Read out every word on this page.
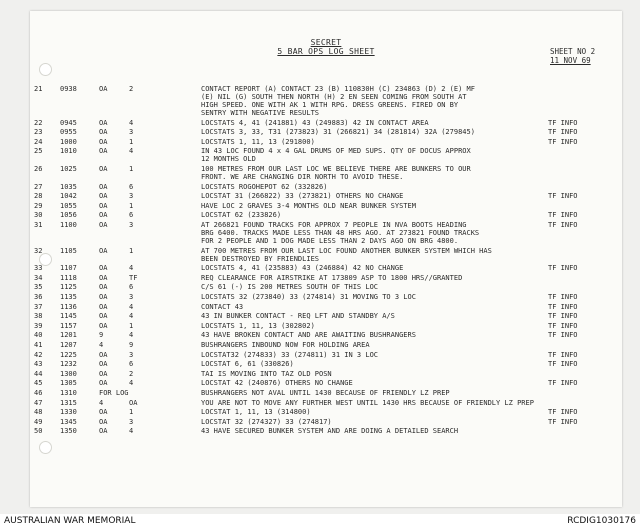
SECRET
5 BAR OPS LOG SHEET	SHEET NO 2
11 NOV 69
21	0938	OA	2	CONTACT REPORT (A) CONTACT 23 (B) 110830H (C) 234863 (D) 2 (E) MF
(E) NIL (G) SOUTH THEN NORTH (H) 2 EN SEEN COMING FROM SOUTH AT
HIGH SPEED. ONE WITH AK 1 WITH RPG. DRESS GREENS. FIRED ON BY
SENTRY WITH NEGATIVE RESULTS
22	0945	OA	4	LOCSTATS 4, 41 (241881) 43 (249883) 42 IN CONTACT AREA	TF INFO
23	0955	OA	3	LOCSTATS 3, 33, T31 (273823) 31 (266821) 34 (281814) 32A (279845)	TF INFO
24	1000	OA	1	LOCSTATS 1, 11, 13 (291800)	TF INFO
25	1010	OA	4	IN 43 LOC FOUND 4 x 4 GAL DRUMS OF MED SUPS. QTY OF DOCUS APPROX
12 MONTHS OLD
26	1025	OA	1	100 METRES FROM OUR LAST LOC WE BELIEVE THERE ARE BUNKERS TO OUR
FRONT. WE ARE CHANGING DIR NORTH TO AVOID THESE.
27	1035	OA	6	LOCSTATS ROGOHEPOT 62 (332826)
28	1042	OA	3	LOCSTAT 31 (266822) 33 (273821) OTHERS NO CHANGE	TF INFO
29	1055	OA	1	HAVE LOC 2 GRAVES 3-4 MONTHS OLD NEAR BUNKER SYSTEM
30	1056	OA	6	LOCSTAT 62 (233826)	TF INFO
31	1100	OA	3	AT 266821 FOUND TRACKS FOR APPROX 7 PEOPLE IN NVA BOOTS HEADING
BRG 6400. TRACKS MADE LESS THAN 48 HRS AGO. AT 273821 FOUND TRACKS
FOR 2 PEOPLE AND 1 DOG MADE LESS THAN 2 DAYS AGO ON BRG 4800.
TF INFO
32	1105	OA	1	AT 700 METRES FROM OUR LAST LOC FOUND ANOTHER BUNKER SYSTEM WHICH HAS
BEEN DESTROYED BY FRIENDLIES
33	1107	OA	4	LOCSTATS 4, 41 (235883) 43 (246884) 42 NO CHANGE	TF INFO
34	1118	OA	TF	REQ CLEARANCE FOR AIRSTRIKE AT 173809 ASP TO 1800 HRS//GRANTED
35	1125	OA	6	C/S 61 (-) IS 200 METRES SOUTH OF THIS LOC
36	1135	OA	3	LOCSTATS 32 (273840) 33 (274814) 31 MOVING TO 3 LOC	TF INFO
37	1136	OA	4	CONTACT 43	TF INFO
38	1145	OA	4	43 IN BUNKER CONTACT - REQ LFT AND STANDBY A/S	TF INFO
39	1157	OA	1	LOCSTATS 1, 11, 13 (302802)	TF INFO
40	1201	9	4	43 HAVE BROKEN CONTACT AND ARE AWAITING BUSHRANGERS	TF INFO
41	1207	4	9	BUSHRANGERS INBOUND NOW FOR HOLDING AREA
42	1225	OA	3	LOCSTAT32 (274833) 33 (274811) 31 IN 3 LOC	TF INFO
43	1232	OA	6	LOCSTAT 6, 61 (330826)	TF INFO
44	1300	OA	2	TAI IS MOVING INTO TAZ OLD POSN
45	1305	OA	4	LOCSTAT 42 (240876) OTHERS NO CHANGE	TF INFO
46	1310	FOR LOG	BUSHRANGERS NOT AVAL UNTIL 1430 BECAUSE OF FRIENDLY LZ PREP
47	1315	4	OA	YOU ARE NOT TO MOVE ANY FURTHER WEST UNTIL 1430 HRS BECAUSE OF FRIENDLY LZ PREP
48	1330	OA	1	LOCSTAT 1, 11, 13 (314800)	TF INFO
49	1345	OA	3	LOCSTAT 32 (274327) 33 (274817)	TF INFO
50	1350	OA	4	43 HAVE SECURED BUNKER SYSTEM AND ARE DOING A DETAILED SEARCH
AUSTRALIAN WAR MEMORIAL	RCDIG1030176
